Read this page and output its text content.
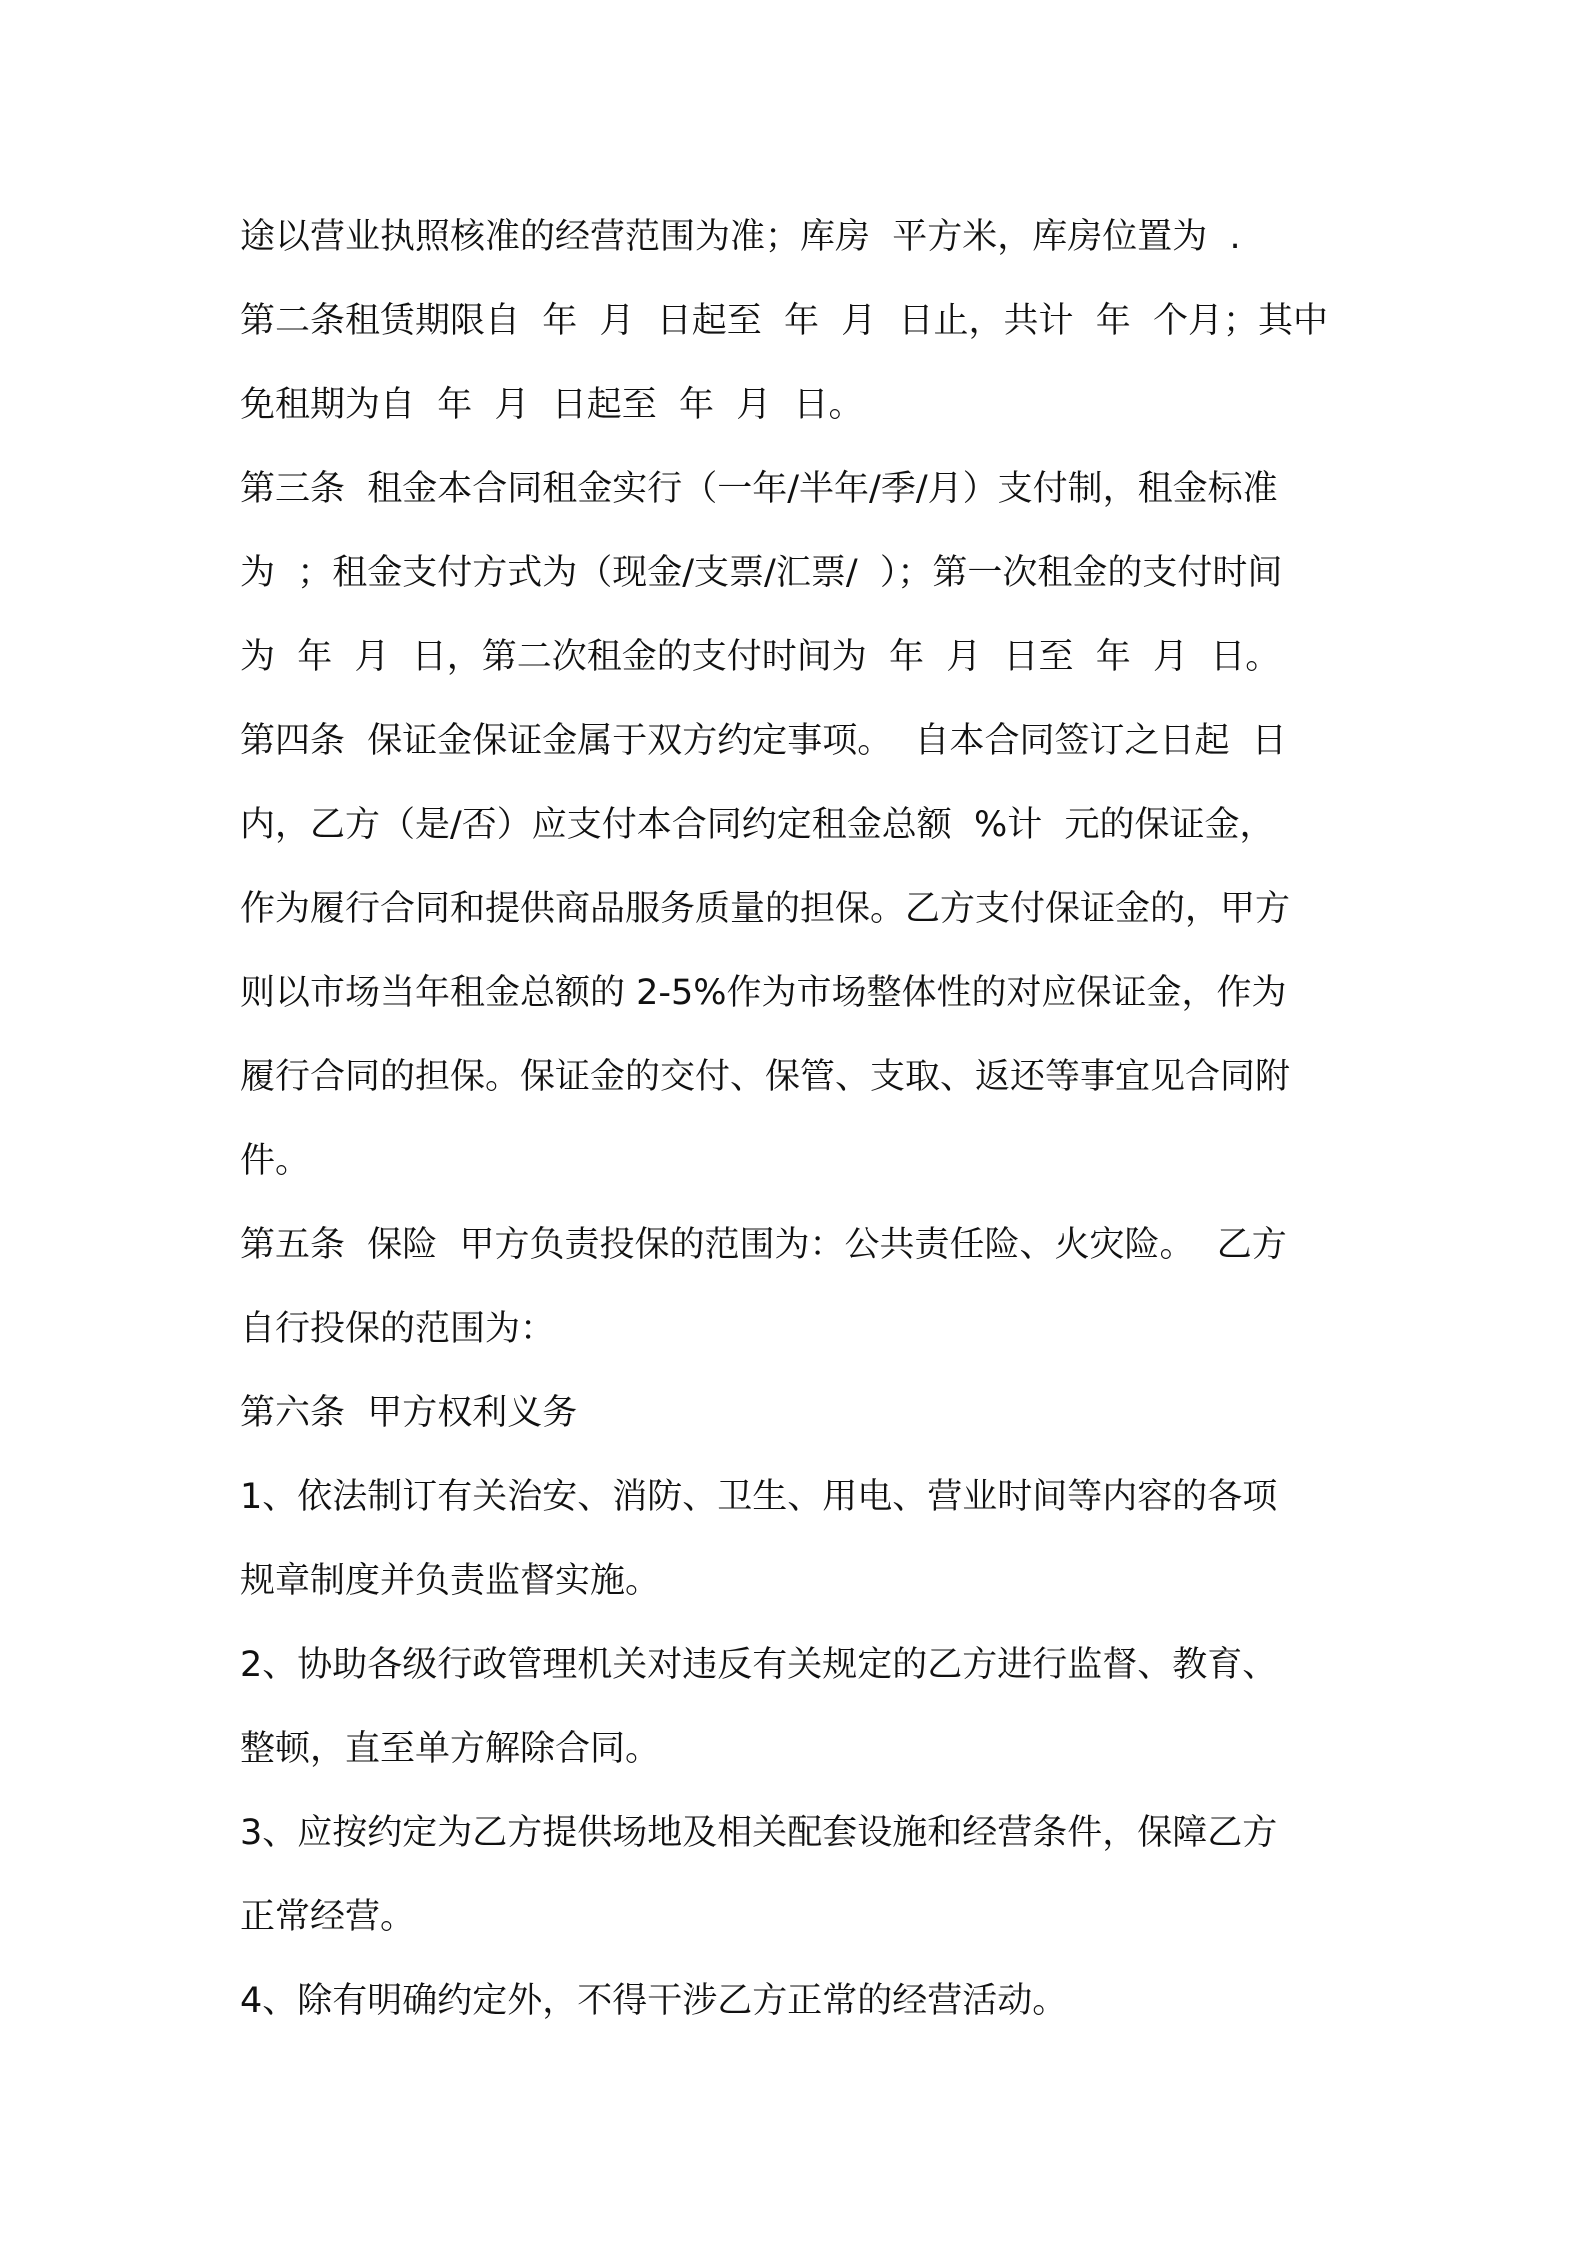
途以营业执照核准的经营范围为准；库房  平方米，库房位置为  .
第二条租赁期限自  年  月  日起至  年  月  日止，共计  年  个月；其中
免租期为自  年  月  日起至  年  月  日。
第三条  租金本合同租金实行（一年/半年/季/月）支付制，租金标准
为  ；租金支付方式为（现金/支票/汇票/  ）；第一次租金的支付时间
为  年  月  日，第二次租金的支付时间为  年  月  日至  年  月  日。
第四条  保证金保证金属于双方约定事项。  自本合同签订之日起  日
内，乙方（是/否）应支付本合同约定租金总额  %计  元的保证金，
作为履行合同和提供商品服务质量的担保。乙方支付保证金的，甲方
则以市场当年租金总额的 2-5%作为市场整体性的对应保证金，作为
履行合同的担保。保证金的交付、保管、支取、返还等事宜见合同附
件。
第五条  保险  甲方负责投保的范围为：公共责任险、火灾险。  乙方
自行投保的范围为：
第六条  甲方权利义务
1、依法制订有关治安、消防、卫生、用电、营业时间等内容的各项
规章制度并负责监督实施。
2、协助各级行政管理机关对违反有关规定的乙方进行监督、教育、
整顿，直至单方解除合同。
3、应按约定为乙方提供场地及相关配套设施和经营条件，保障乙方
正常经营。
4、除有明确约定外，不得干涉乙方正常的经营活动。
